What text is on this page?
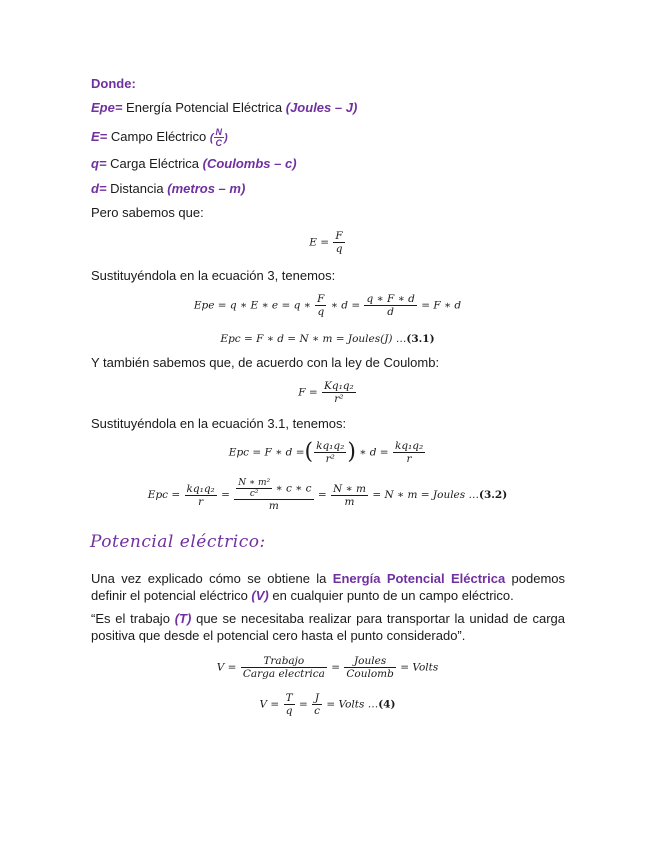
Donde:
Epe= Energía Potencial Eléctrica (Joules – J)
E= Campo Eléctrico ( $\frac{N}{C}$ )
q= Carga Eléctrica (Coulombs – c)
d= Distancia (metros – m)
Pero sabemos que:
$E = \frac{F}{q}$
Sustituyéndola en la ecuación 3, tenemos:
Epe = q ∗ E ∗ e = q ∗ $\frac{F}{q}$ ∗ $d = \frac{q ∗ F ∗ d}{d} = F$ ∗ d
Epc = F ∗ d = N ∗ m = Joules(J) …(3.1)
Y también sabemos que, de acuerdo con la ley de Coulomb:
$F = \frac{\text{Kq₁q₂}}{\text{r²}}$
Sustituyéndola en la ecuación 3.1, tenemos:
Epc = F ∗ d =( $\frac{\text{kq₁q₂}}{\text{r²}}$ ) ∗ $d = \frac{\text{kq₁q₂}}{r}$
Epc = $\frac{\text{kq₁q₂}}{r} = \frac{\frac{\text{N ∗ m²}}{\text{c²}} ∗ c ∗ c}{m} = \frac{N ∗ m}{m} = N$ ∗ m = Joules …(3.2)
Potencial eléctrico:
Una vez explicado cómo se obtiene la Energía Potencial Eléctrica podemos definir el potencial eléctrico (V) en cualquier punto de un campo eléctrico.
“Es el trabajo (T) que se necesitaba realizar para transportar la unidad de carga positiva que desde el potencial cero hasta el punto considerado”.
$V = \frac{\text{Trabajo}}{\text{Carga electrica}} = \frac{\text{Joules}}{\text{Coulomb}}$ = Volts
$V = \frac{T}{q} = \frac{J}{c}$ = Volts …(4)
